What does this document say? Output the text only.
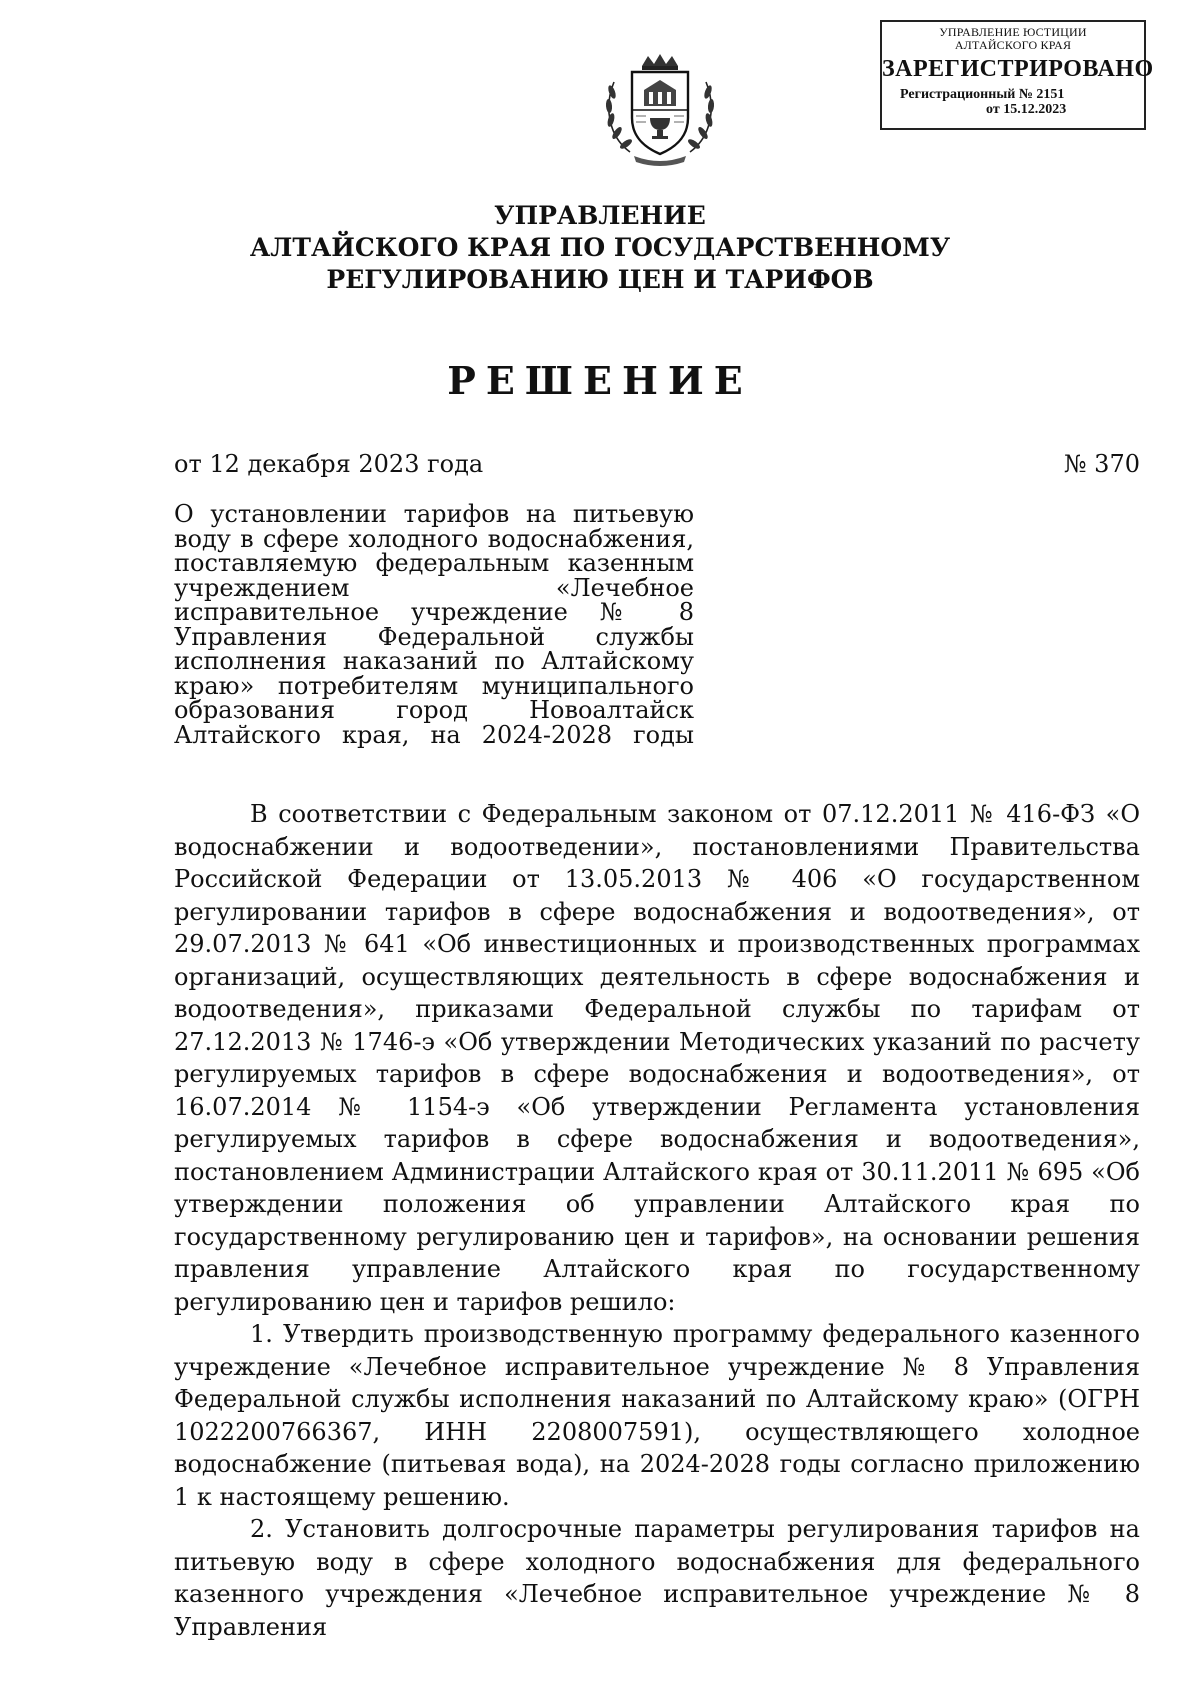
УПРАВЛЕНИЕ ЮСТИЦИИ
АЛТАЙСКОГО КРАЯ
ЗАРЕГИСТРИРОВАНО
Регистрационный № 2151
от 15.12.2023
УПРАВЛЕНИЕ
АЛТАЙСКОГО КРАЯ ПО ГОСУДАРСТВЕННОМУ
РЕГУЛИРОВАНИЮ ЦЕН И ТАРИФОВ
РЕШЕНИЕ
от 12 декабря 2023 года	№ 370
О установлении тарифов на питьевую воду в сфере холодного водоснабжения, поставляемую федеральным казенным учреждением «Лечебное исправительное учреждение № 8 Управления Федеральной службы исполнения наказаний по Алтайскому краю» потребителям муниципального образования город Новоалтайск Алтайского края, на 2024-2028 годы

В соответствии с Федеральным законом от 07.12.2011 № 416-ФЗ «О водоснабжении и водоотведении», постановлениями Правительства Российской Федерации от 13.05.2013 № 406 «О государственном регулировании тарифов в сфере водоснабжения и водоотведения», от 29.07.2013 № 641 «Об инвестиционных и производственных программах организаций, осуществляющих деятельность в сфере водоснабжения и водоотведения», приказами Федеральной службы по тарифам от 27.12.2013 № 1746-э «Об утверждении Методических указаний по расчету регулируемых тарифов в сфере водоснабжения и водоотведения», от 16.07.2014 № 1154-э «Об утверждении Регламента установления регулируемых тарифов в сфере водоснабжения и водоотведения», постановлением Администрации Алтайского края от 30.11.2011 № 695 «Об утверждении положения об управлении Алтайского края по государственному регулированию цен и тарифов», на основании решения правления управление Алтайского края по государственному регулированию цен и тарифов решило:

1. Утвердить производственную программу федерального казенного учреждение «Лечебное исправительное учреждение № 8 Управления Федеральной службы исполнения наказаний по Алтайскому краю» (ОГРН 1022200766367, ИНН 2208007591), осуществляющего холодное водоснабжение (питьевая вода), на 2024-2028 годы согласно приложению 1 к настоящему решению.

2. Установить долгосрочные параметры регулирования тарифов на питьевую воду в сфере холодного водоснабжения для федерального казенного учреждения «Лечебное исправительное учреждение № 8 Управления
